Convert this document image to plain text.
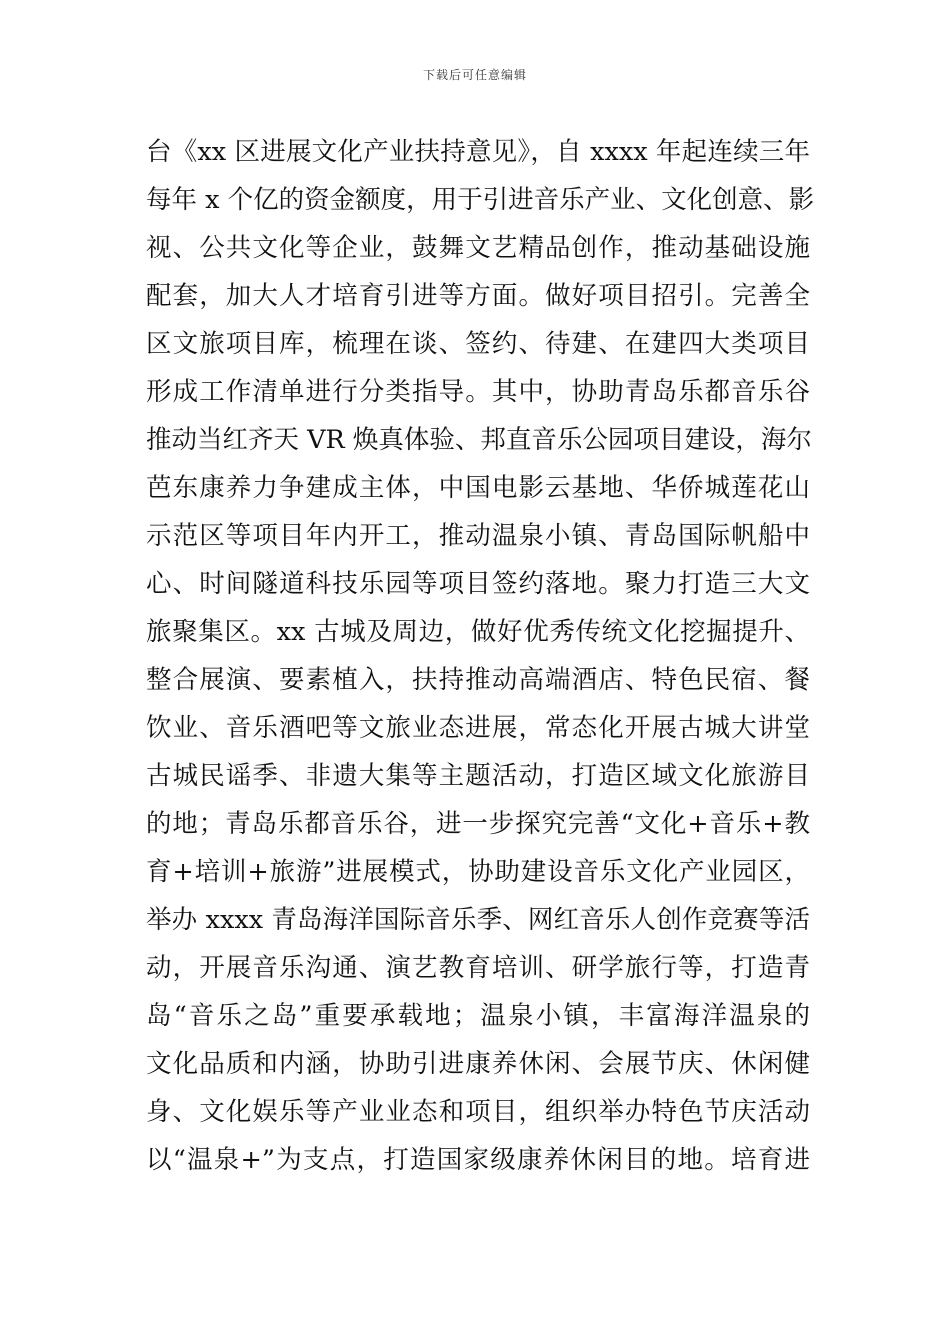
下载后可任意编辑
台《xx 区进展文化产业扶持意见》，自 xxxx 年起连续三年
每年 x 个亿的资金额度，用于引进音乐产业、文化创意、影
视、公共文化等企业，鼓舞文艺精品创作，推动基础设施
配套，加大人才培育引进等方面。做好项目招引。完善全
区文旅项目库，梳理在谈、签约、待建、在建四大类项目
形成工作清单进行分类指导。其中，协助青岛乐都音乐谷
推动当红齐天 VR 焕真体验、邦直音乐公园项目建设，海尔
芭东康养力争建成主体，中国电影云基地、华侨城莲花山
示范区等项目年内开工，推动温泉小镇、青岛国际帆船中
心、时间隧道科技乐园等项目签约落地。聚力打造三大文
旅聚集区。xx 古城及周边，做好优秀传统文化挖掘提升、
整合展演、要素植入，扶持推动高端酒店、特色民宿、餐
饮业、音乐酒吧等文旅业态进展，常态化开展古城大讲堂
古城民谣季、非遗大集等主题活动，打造区域文化旅游目
的地；青岛乐都音乐谷，进一步探究完善“文化+音乐+教
育+培训+旅游”进展模式，协助建设音乐文化产业园区，
举办 xxxx 青岛海洋国际音乐季、网红音乐人创作竞赛等活
动，开展音乐沟通、演艺教育培训、研学旅行等，打造青
岛“音乐之岛”重要承载地；温泉小镇，丰富海洋温泉的
文化品质和内涵，协助引进康养休闲、会展节庆、休闲健
身、文化娱乐等产业业态和项目，组织举办特色节庆活动
以“温泉+”为支点，打造国家级康养休闲目的地。培育进
